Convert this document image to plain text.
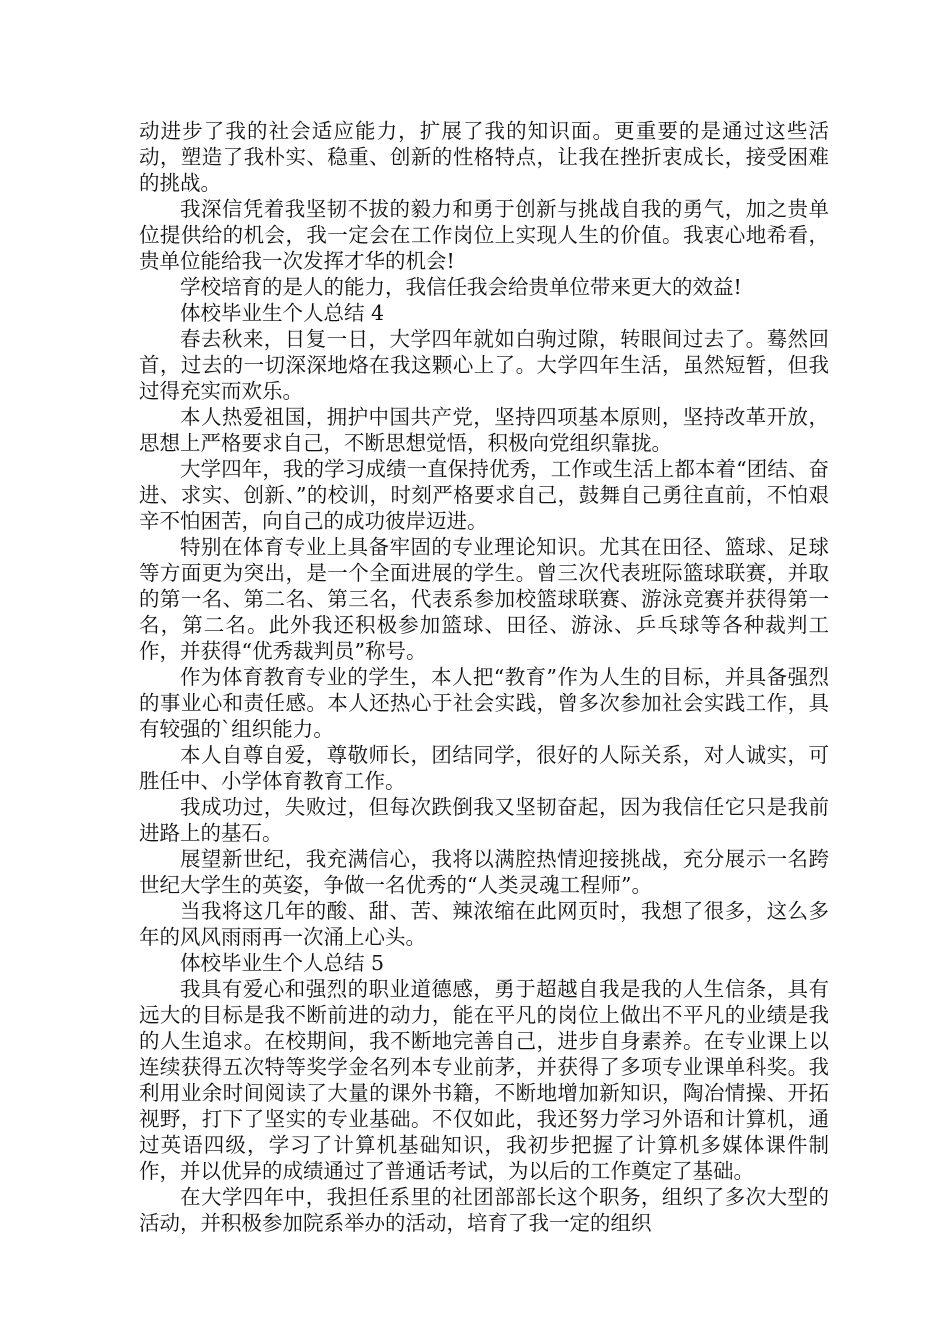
动进步了我的社会适应能力，扩展了我的知识面。更重要的是通过这些活动，塑造了我朴实、稳重、创新的性格特点，让我在挫折衷成长，接受困难的挑战。

我深信凭着我坚韧不拔的毅力和勇于创新与挑战自我的勇气，加之贵单位提供给的机会，我一定会在工作岗位上实现人生的价值。我衷心地希看，贵单位能给我一次发挥才华的机会!

学校培育的是人的能力，我信任我会给贵单位带来更大的效益!

体校毕业生个人总结 4

春去秋来，日复一日，大学四年就如白驹过隙，转眼间过去了。蓦然回首，过去的一切深深地烙在我这颗心上了。大学四年生活，虽然短暂，但我过得充实而欢乐。

本人热爱祖国，拥护中国共产党，坚持四项基本原则，坚持改革开放，思想上严格要求自己，不断思想觉悟，积极向党组织靠拢。

大学四年，我的学习成绩一直保持优秀，工作或生活上都本着“团结、奋进、求实、创新、”的校训，时刻严格要求自己，鼓舞自己勇往直前，不怕艰辛不怕困苦，向自己的成功彼岸迈进。

特别在体育专业上具备牢固的专业理论知识。尤其在田径、篮球、足球等方面更为突出，是一个全面进展的学生。曾三次代表班际篮球联赛，并取的第一名、第二名、第三名，代表系参加校篮球联赛、游泳竞赛并获得第一名，第二名。此外我还积极参加篮球、田径、游泳、乒乓球等各种裁判工作，并获得“优秀裁判员”称号。

作为体育教育专业的学生，本人把“教育”作为人生的目标，并具备强烈的事业心和责任感。本人还热心于社会实践，曾多次参加社会实践工作，具有较强的`组织能力。

本人自尊自爱，尊敬师长，团结同学，很好的人际关系，对人诚实，可胜任中、小学体育教育工作。

我成功过，失败过，但每次跌倒我又坚韧奋起，因为我信任它只是我前进路上的基石。

展望新世纪，我充满信心，我将以满腔热情迎接挑战，充分展示一名跨世纪大学生的英姿，争做一名优秀的“人类灵魂工程师”。

当我将这几年的酸、甜、苦、辣浓缩在此网页时，我想了很多，这么多年的风风雨雨再一次涌上心头。

体校毕业生个人总结 5

我具有爱心和强烈的职业道德感，勇于超越自我是我的人生信条，具有远大的目标是我不断前进的动力，能在平凡的岗位上做出不平凡的业绩是我的人生追求。在校期间，我不断地完善自己，进步自身素养。在专业课上以连续获得五次特等奖学金名列本专业前茅，并获得了多项专业课单科奖。我利用业余时间阅读了大量的课外书籍，不断地增加新知识，陶冶情操、开拓视野，打下了坚实的专业基础。不仅如此，我还努力学习外语和计算机，通过英语四级，学习了计算机基础知识，我初步把握了计算机多媒体课件制作，并以优异的成绩通过了普通话考试，为以后的工作奠定了基础。

在大学四年中，我担任系里的社团部部长这个职务，组织了多次大型的活动，并积极参加院系举办的活动，培育了我一定的组织
